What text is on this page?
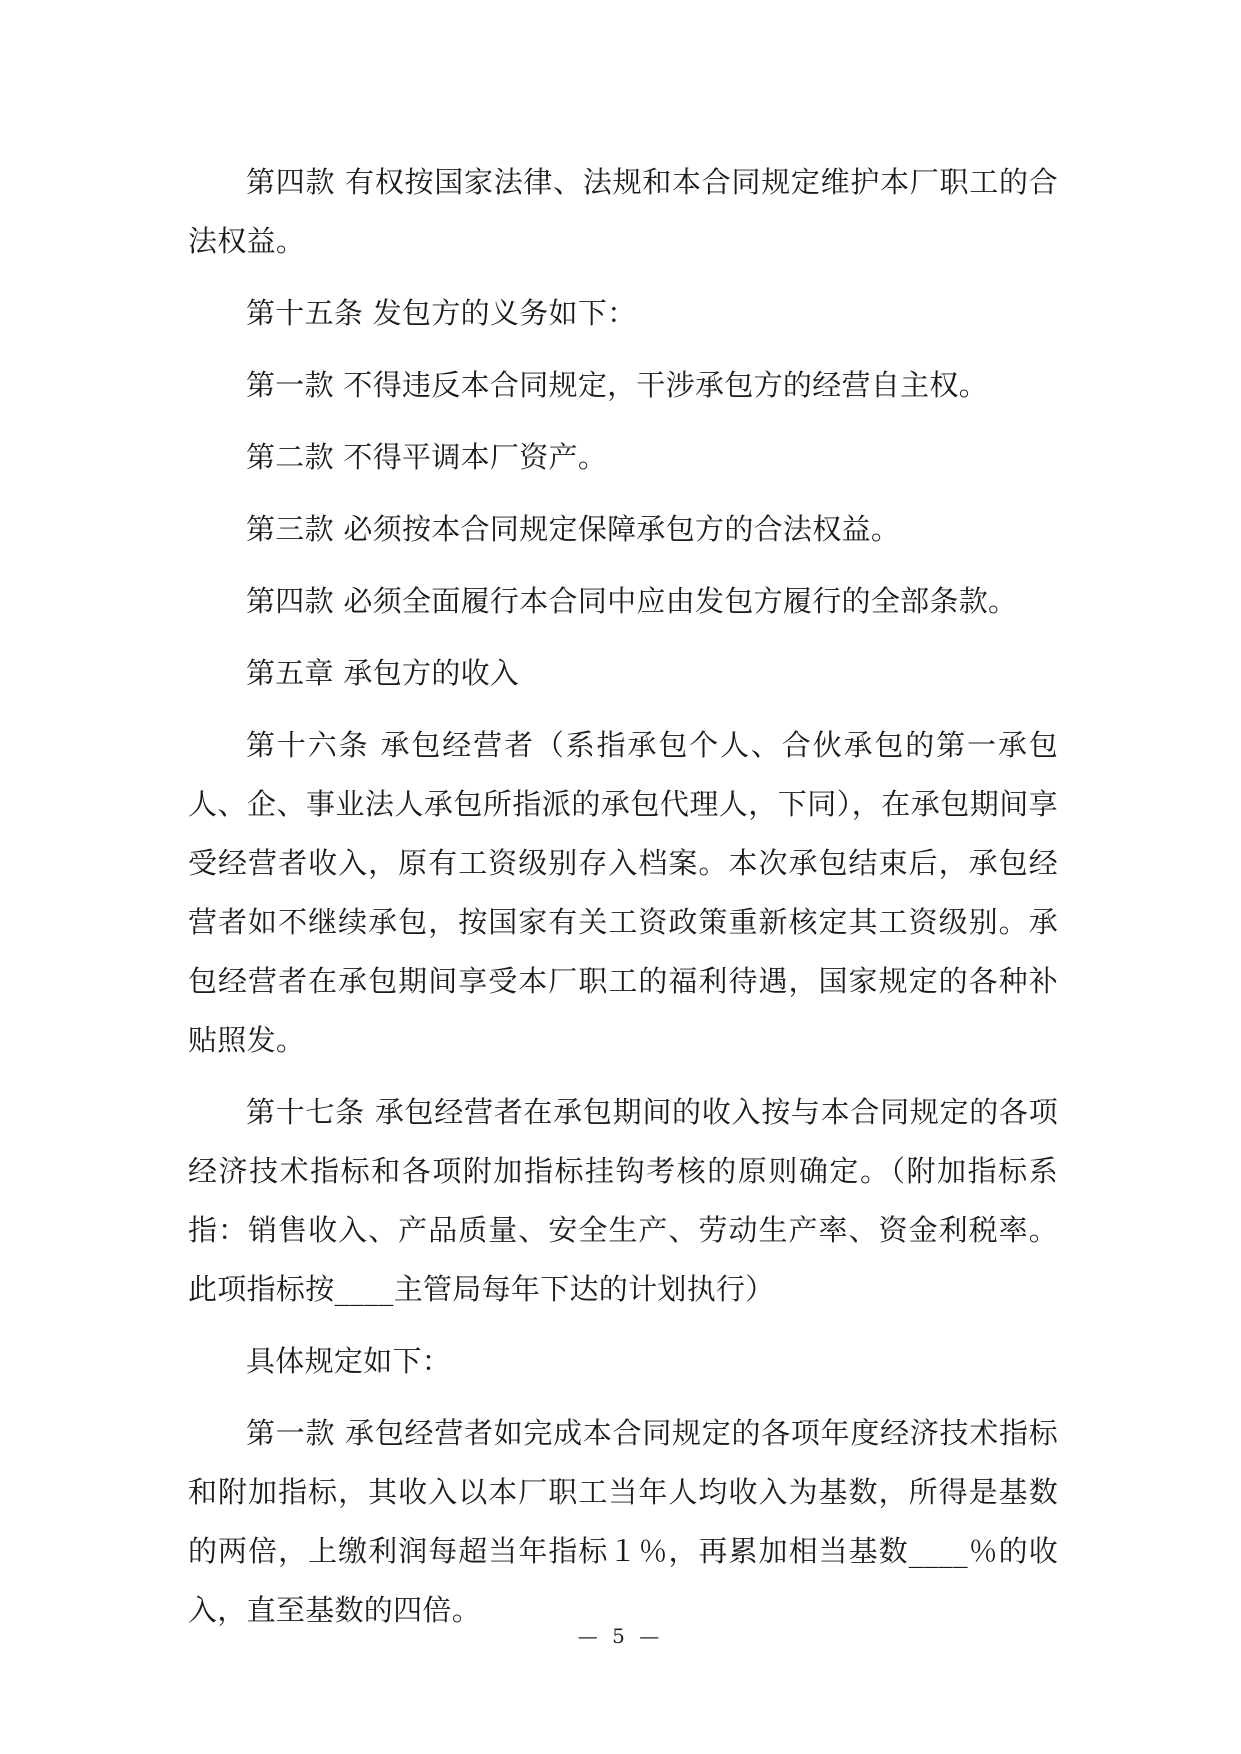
第四款 有权按国家法律、法规和本合同规定维护本厂职工的合法权益。

第十五条 发包方的义务如下：

第一款 不得违反本合同规定，干涉承包方的经营自主权。

第二款 不得平调本厂资产。

第三款 必须按本合同规定保障承包方的合法权益。

第四款 必须全面履行本合同中应由发包方履行的全部条款。

第五章 承包方的收入

第十六条 承包经营者（系指承包个人、合伙承包的第一承包人、企、事业法人承包所指派的承包代理人，下同），在承包期间享受经营者收入，原有工资级别存入档案。本次承包结束后，承包经营者如不继续承包，按国家有关工资政策重新核定其工资级别。承包经营者在承包期间享受本厂职工的福利待遇，国家规定的各种补贴照发。

第十七条 承包经营者在承包期间的收入按与本合同规定的各项经济技术指标和各项附加指标挂钩考核的原则确定。（附加指标系指：销售收入、产品质量、安全生产、劳动生产率、资金利税率。此项指标按____主管局每年下达的计划执行）

具体规定如下：

第一款 承包经营者如完成本合同规定的各项年度经济技术指标和附加指标，其收入以本厂职工当年人均收入为基数，所得是基数的两倍，上缴利润每超当年指标１％，再累加相当基数____％的收入，直至基数的四倍。

— 5 —
